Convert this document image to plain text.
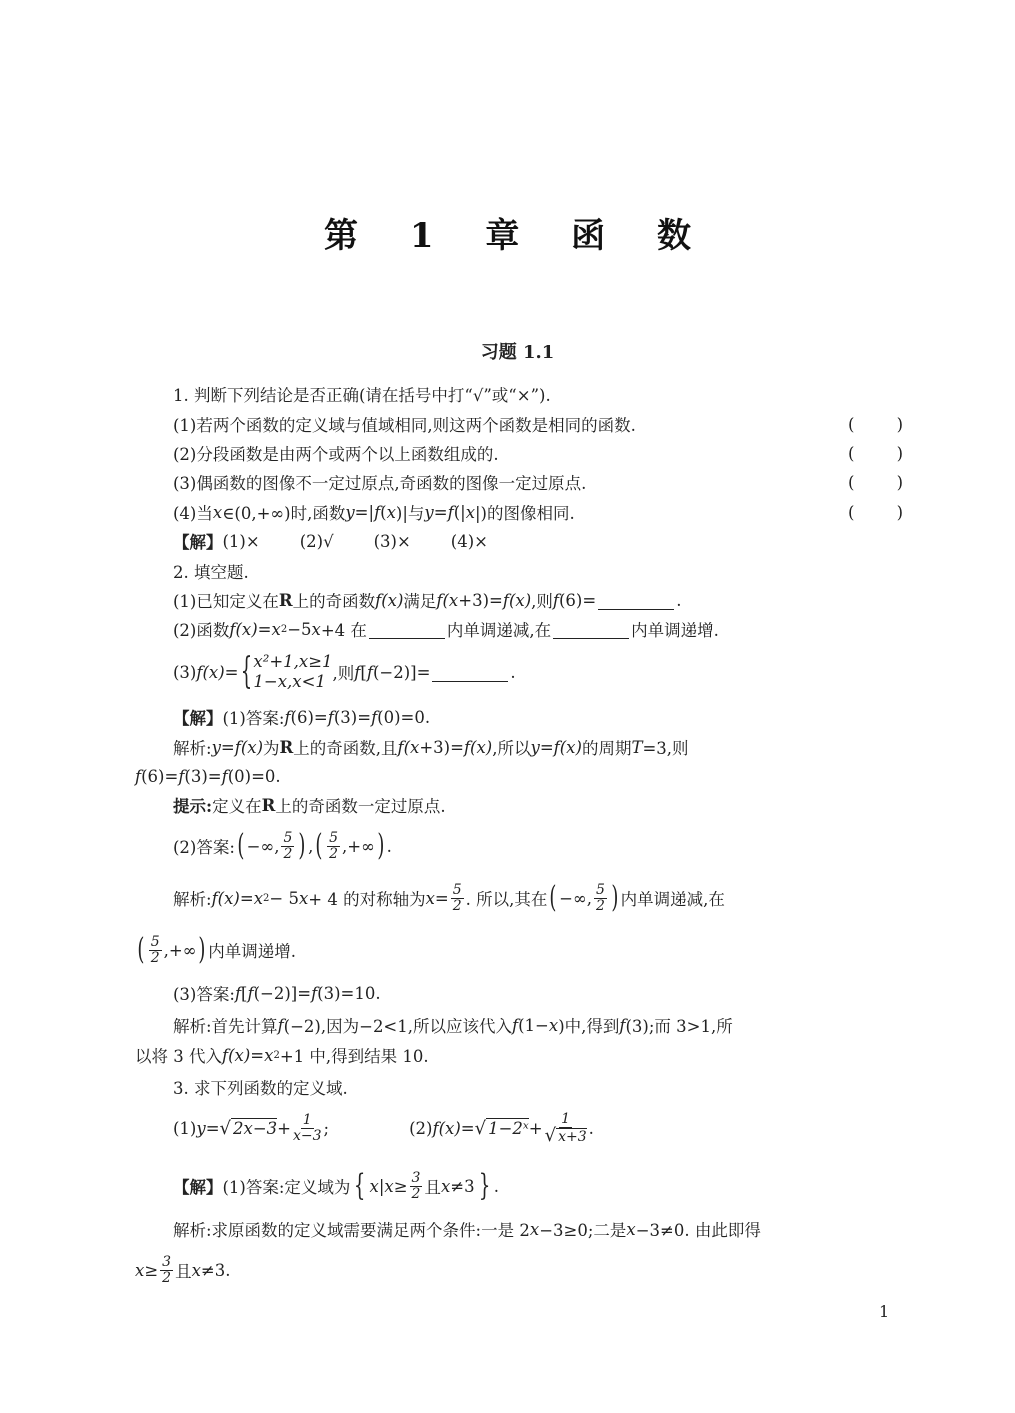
第 1 章 函 数
习题 1.1
1. 判断下列结论是否正确(请在括号中打“√”或“×”).
(1)若两个函数的定义域与值域相同,则这两个函数是相同的函数.	(	)
(2)分段函数是由两个或两个以上函数组成的.	(	)
(3)偶函数的图像不一定过原点,奇函数的图像一定过原点.	(	)
(4)当 x ∈(0,+∞)时,函数 y =| f ( x )|与 y = f (| x |)的图像相同.	(	)
【解】 (1)× (2)√ (3)× (4)×
2. 填空题.
(1)已知定义在 R 上的奇函数 f(x) 满足 f(x +3)= f(x) ,则 f (6)=	.
(2)函数 f(x) = x 2 −5 x +4 在	内单调递减,在	内单调递增.
(3) f(x) = { x²+1,x≥1
1−x,x<1 ,则 f [ f (−2)]=	.
【解】 (1)答案: f (6)= f (3)= f (0)=0.
解析: y = f(x) 为 R 上的奇函数,且 f(x +3)= f(x) ,所以 y = f(x) 的周期 T =3,则
f (6)= f (3)= f (0)=0.
提示: 定义在 R 上的奇函数一定过原点.
(2)答案: ( −∞, $\frac{5}{2}$ ) , ( $\frac{5}{2}$ ,+∞ ) .
解析: f(x) = x 2 − 5 x + 4 的对称轴为 $x = \frac{5}{2}$ . 所以,其在 ( −∞, $\frac{5}{2}$ ) 内单调递减,在
( $\frac{5}{2}$ ,+∞ ) 内单调递增.
(3)答案: f [ f (−2)]= f (3)=10.
解析:首先计算 f (−2),因为−2<1,所以应该代入 f (1− x )中,得到 f (3);而 3>1,所
以将 3 代入 f(x) = x 2 +1 中,得到结果 10.
3. 求下列函数的定义域.
(1) y = √ $2x-3 + \frac{1}{x-3}$ ;	(2) f(x) = √ 1−2ˣ + $\frac{1}{√ x+3}$ .
【解】 (1)答案:定义域为 { x | $x \ge \frac{3}{2}$ 且 x ≠3 } .
解析:求原函数的定义域需要满足两个条件:一是 2 x −3≥0;二是 x −3≠0. 由此即得
$x \ge \frac{3}{2}$ 且 x ≠3.
1
